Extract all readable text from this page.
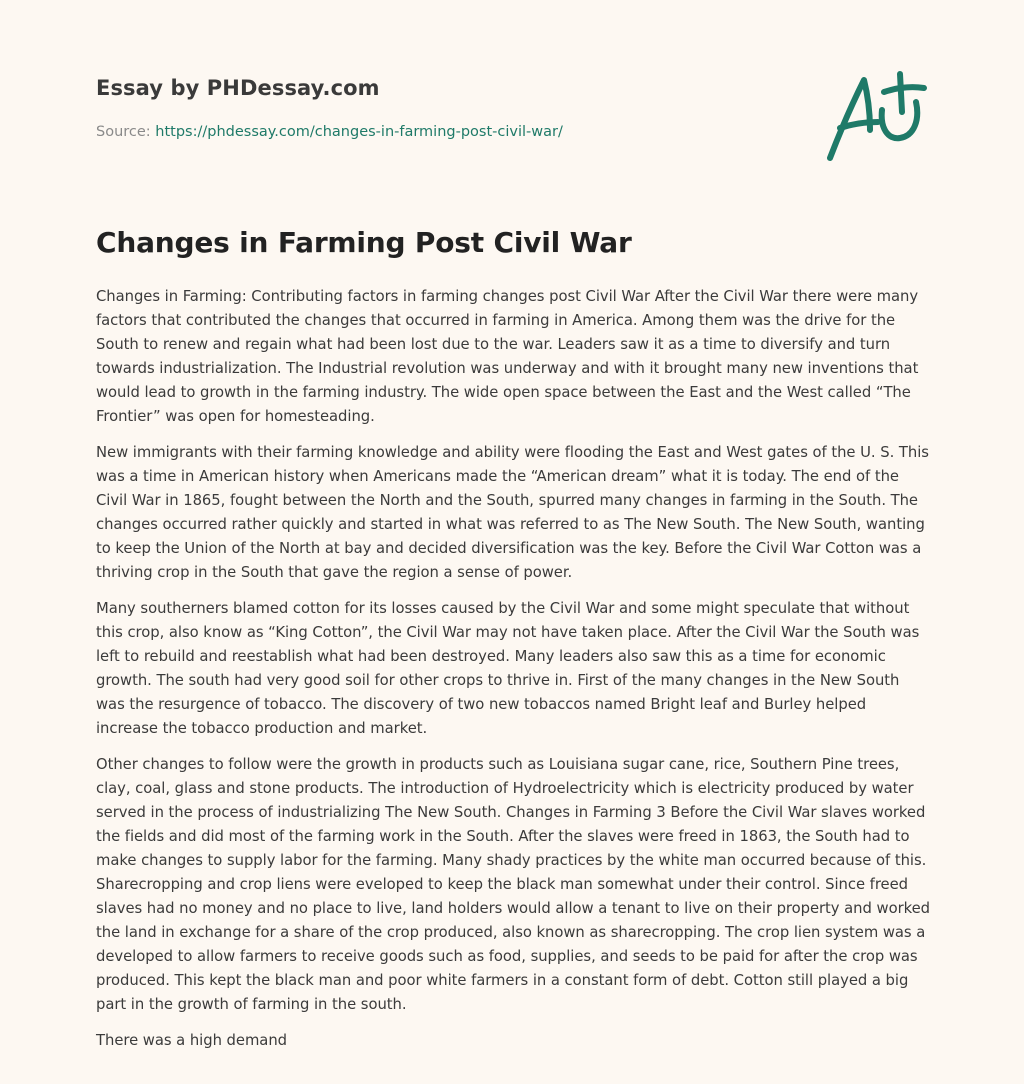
Essay by PHDessay.com
Source: https://phdessay.com/changes-in-farming-post-civil-war/
Changes in Farming Post Civil War

Changes in Farming: Contributing factors in farming changes post Civil War After the Civil War there were many factors that contributed the changes that occurred in farming in America. Among them was the drive for the South to renew and regain what had been lost due to the war. Leaders saw it as a time to diversify and turn towards industrialization. The Industrial revolution was underway and with it brought many new inventions that would lead to growth in the farming industry. The wide open space between the East and the West called “The Frontier” was open for homesteading.

New immigrants with their farming knowledge and ability were flooding the East and West gates of the U. S. This was a time in American history when Americans made the “American dream” what it is today. The end of the Civil War in 1865, fought between the North and the South, spurred many changes in farming in the South. The changes occurred rather quickly and started in what was referred to as The New South. The New South, wanting to keep the Union of the North at bay and decided diversification was the key. Before the Civil War Cotton was a thriving crop in the South that gave the region a sense of power.

Many southerners blamed cotton for its losses caused by the Civil War and some might speculate that without this crop, also know as “King Cotton”, the Civil War may not have taken place. After the Civil War the South was left to rebuild and reestablish what had been destroyed. Many leaders also saw this as a time for economic growth. The south had very good soil for other crops to thrive in. First of the many changes in the New South was the resurgence of tobacco. The discovery of two new tobaccos named Bright leaf and Burley helped increase the tobacco production and market.

Other changes to follow were the growth in products such as Louisiana sugar cane, rice, Southern Pine trees, clay, coal, glass and stone products. The introduction of Hydroelectricity which is electricity produced by water served in the process of industrializing The New South. Changes in Farming 3 Before the Civil War slaves worked the fields and did most of the farming work in the South. After the slaves were freed in 1863, the South had to make changes to supply labor for the farming. Many shady practices by the white man occurred because of this. Sharecropping and crop liens were eveloped to keep the black man somewhat under their control. Since freed slaves had no money and no place to live, land holders would allow a tenant to live on their property and worked the land in exchange for a share of the crop produced, also known as sharecropping. The crop lien system was a developed to allow farmers to receive goods such as food, supplies, and seeds to be paid for after the crop was produced. This kept the black man and poor white farmers in a constant form of debt. Cotton still played a big part in the growth of farming in the south.

There was a high demand
